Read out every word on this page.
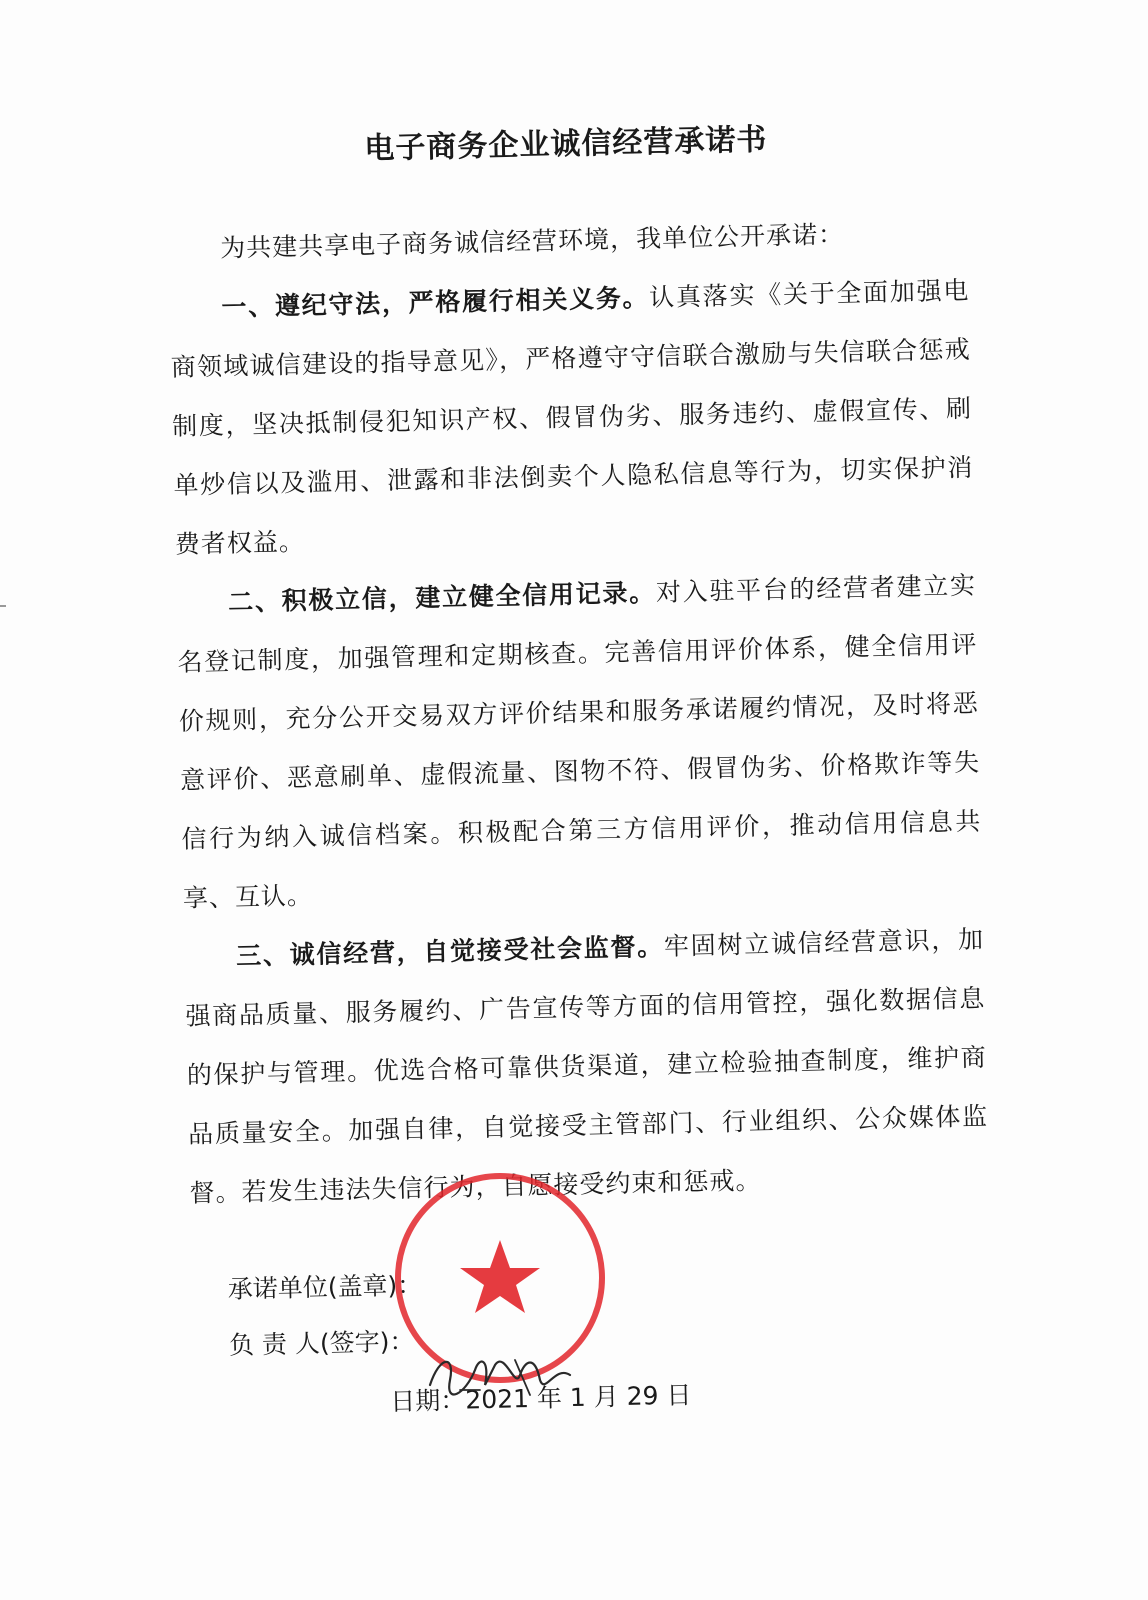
电子商务企业诚信经营承诺书

为共建共享电子商务诚信经营环境，我单位公开承诺：

一、遵纪守法，严格履行相关义务。认真落实《关于全面加强电商领域诚信建设的指导意见》，严格遵守守信联合激励与失信联合惩戒制度，坚决抵制侵犯知识产权、假冒伪劣、服务违约、虚假宣传、刷单炒信以及滥用、泄露和非法倒卖个人隐私信息等行为，切实保护消费者权益。

二、积极立信，建立健全信用记录。对入驻平台的经营者建立实名登记制度，加强管理和定期核查。完善信用评价体系，健全信用评价规则，充分公开交易双方评价结果和服务承诺履约情况，及时将恶意评价、恶意刷单、虚假流量、图物不符、假冒伪劣、价格欺诈等失信行为纳入诚信档案。积极配合第三方信用评价，推动信用信息共享、互认。

三、诚信经营，自觉接受社会监督。牢固树立诚信经营意识，加强商品质量、服务履约、广告宣传等方面的信用管控，强化数据信息的保护与管理。优选合格可靠供货渠道，建立检验抽查制度，维护商品质量安全。加强自律，自觉接受主管部门、行业组织、公众媒体监督。若发生违法失信行为，自愿接受约束和惩戒。

承诺单位(盖章)：
负 责 人(签字)：
日期：2021 年 1 月 29 日
